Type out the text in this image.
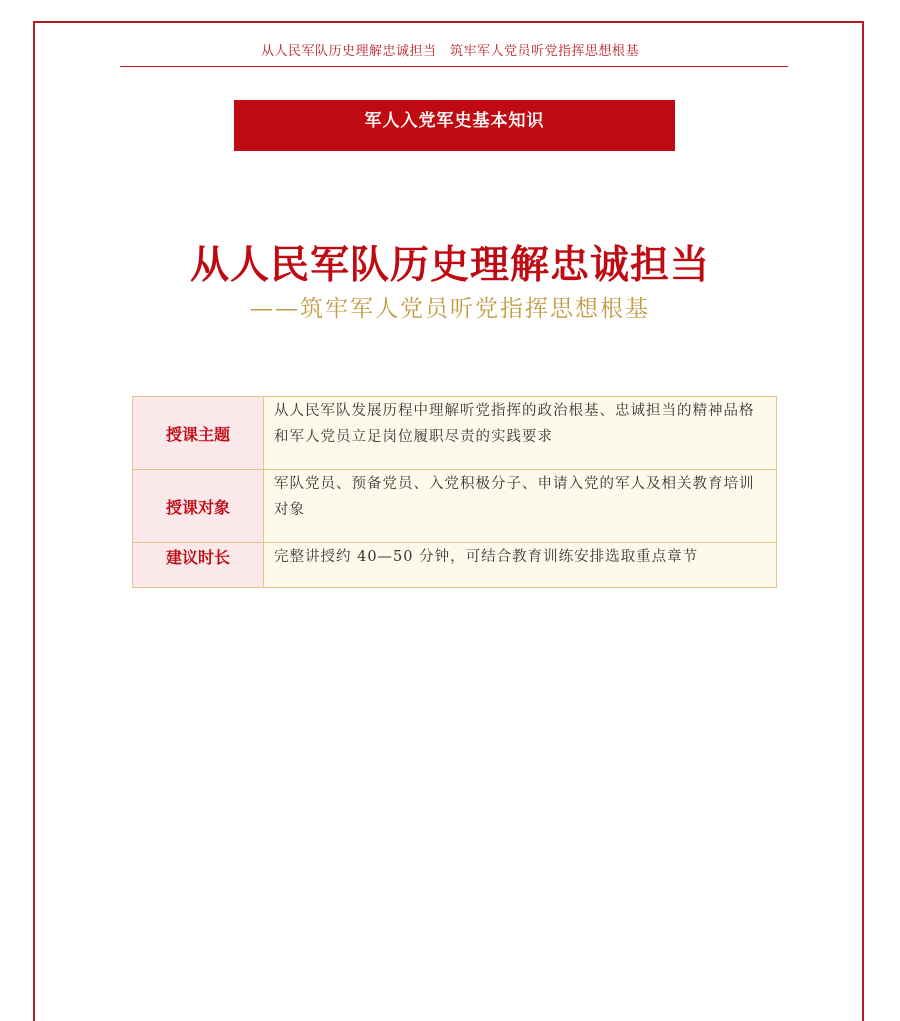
从人民军队历史理解忠诚担当　筑牢军人党员听党指挥思想根基
军人入党军史基本知识
从人民军队历史理解忠诚担当
——筑牢军人党员听党指挥思想根基
授课主题	从人民军队发展历程中理解听党指挥的政治根基、忠诚担当的精神品格和军人党员立足岗位履职尽责的实践要求
授课对象	军队党员、预备党员、入党积极分子、申请入党的军人及相关教育培训对象
建议时长	完整讲授约 40—50 分钟，可结合教育训练安排选取重点章节
